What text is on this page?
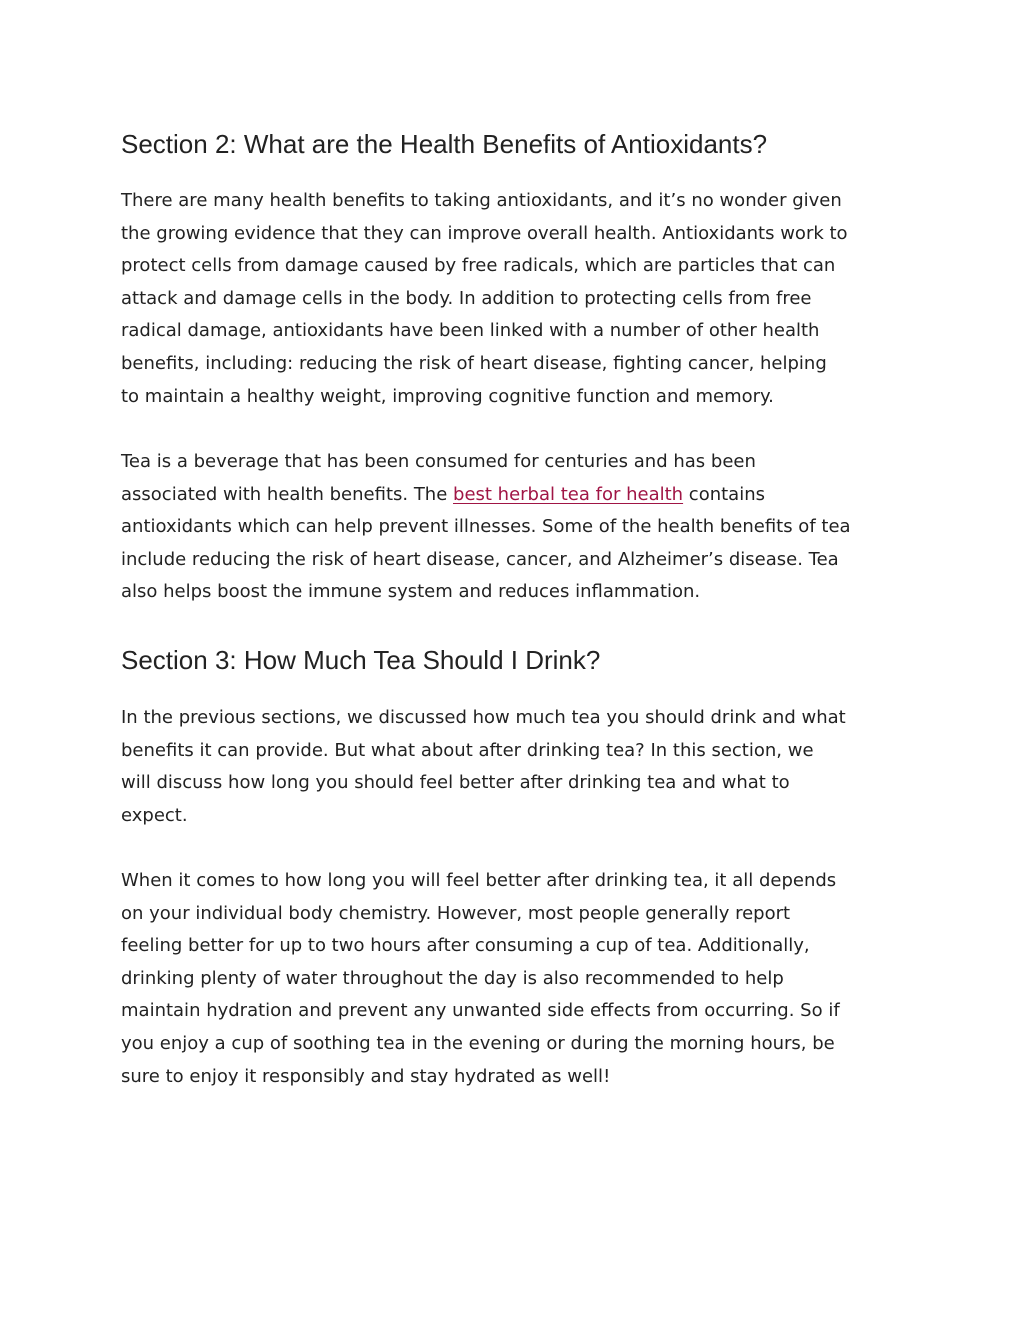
Section 2: What are the Health Benefits of Antioxidants?

There are many health benefits to taking antioxidants, and it’s no wonder given
the growing evidence that they can improve overall health. Antioxidants work to
protect cells from damage caused by free radicals, which are particles that can
attack and damage cells in the body. In addition to protecting cells from free
radical damage, antioxidants have been linked with a number of other health
benefits, including: reducing the risk of heart disease, fighting cancer, helping
to maintain a healthy weight, improving cognitive function and memory.

Tea is a beverage that has been consumed for centuries and has been
associated with health benefits. The best herbal tea for health contains
antioxidants which can help prevent illnesses. Some of the health benefits of tea
include reducing the risk of heart disease, cancer, and Alzheimer’s disease. Tea
also helps boost the immune system and reduces inflammation.

Section 3: How Much Tea Should I Drink?

In the previous sections, we discussed how much tea you should drink and what
benefits it can provide. But what about after drinking tea? In this section, we
will discuss how long you should feel better after drinking tea and what to
expect.

When it comes to how long you will feel better after drinking tea, it all depends
on your individual body chemistry. However, most people generally report
feeling better for up to two hours after consuming a cup of tea. Additionally,
drinking plenty of water throughout the day is also recommended to help
maintain hydration and prevent any unwanted side effects from occurring. So if
you enjoy a cup of soothing tea in the evening or during the morning hours, be
sure to enjoy it responsibly and stay hydrated as well!
